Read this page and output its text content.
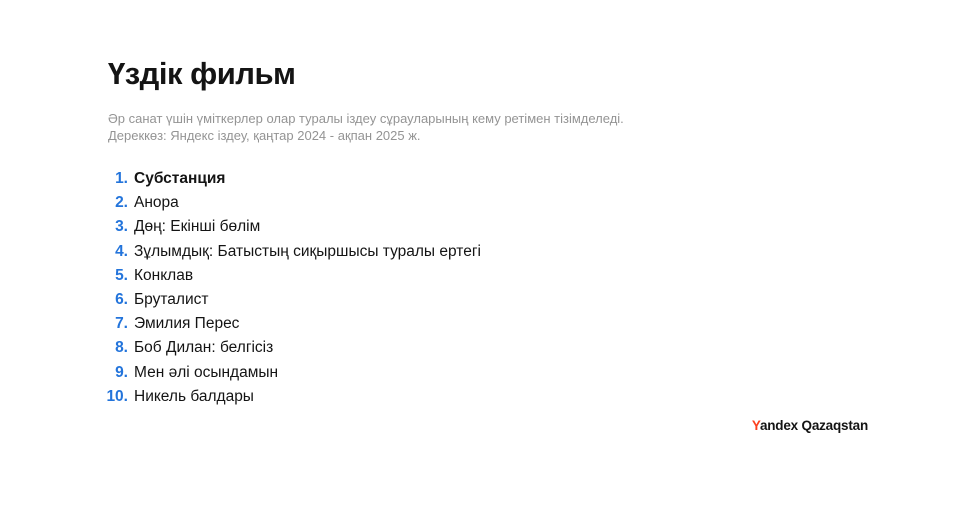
Үздік фильм

Әр санат үшін үміткерлер олар туралы іздеу сұрауларының кему ретімен тізімделеді.
Дереккөз: Яндекс іздеу, қаңтар 2024 - ақпан 2025 ж.

1. Субстанция
2. Анора
3. Дөң: Екінші бөлім
4. Зұлымдық: Батыстың сиқыршысы туралы ертегі
5. Конклав
6. Бруталист
7. Эмилия Перес
8. Боб Дилан: белгісіз
9. Мен әлі осындамын
10. Никель балдары
Yandex Qazaqstan
